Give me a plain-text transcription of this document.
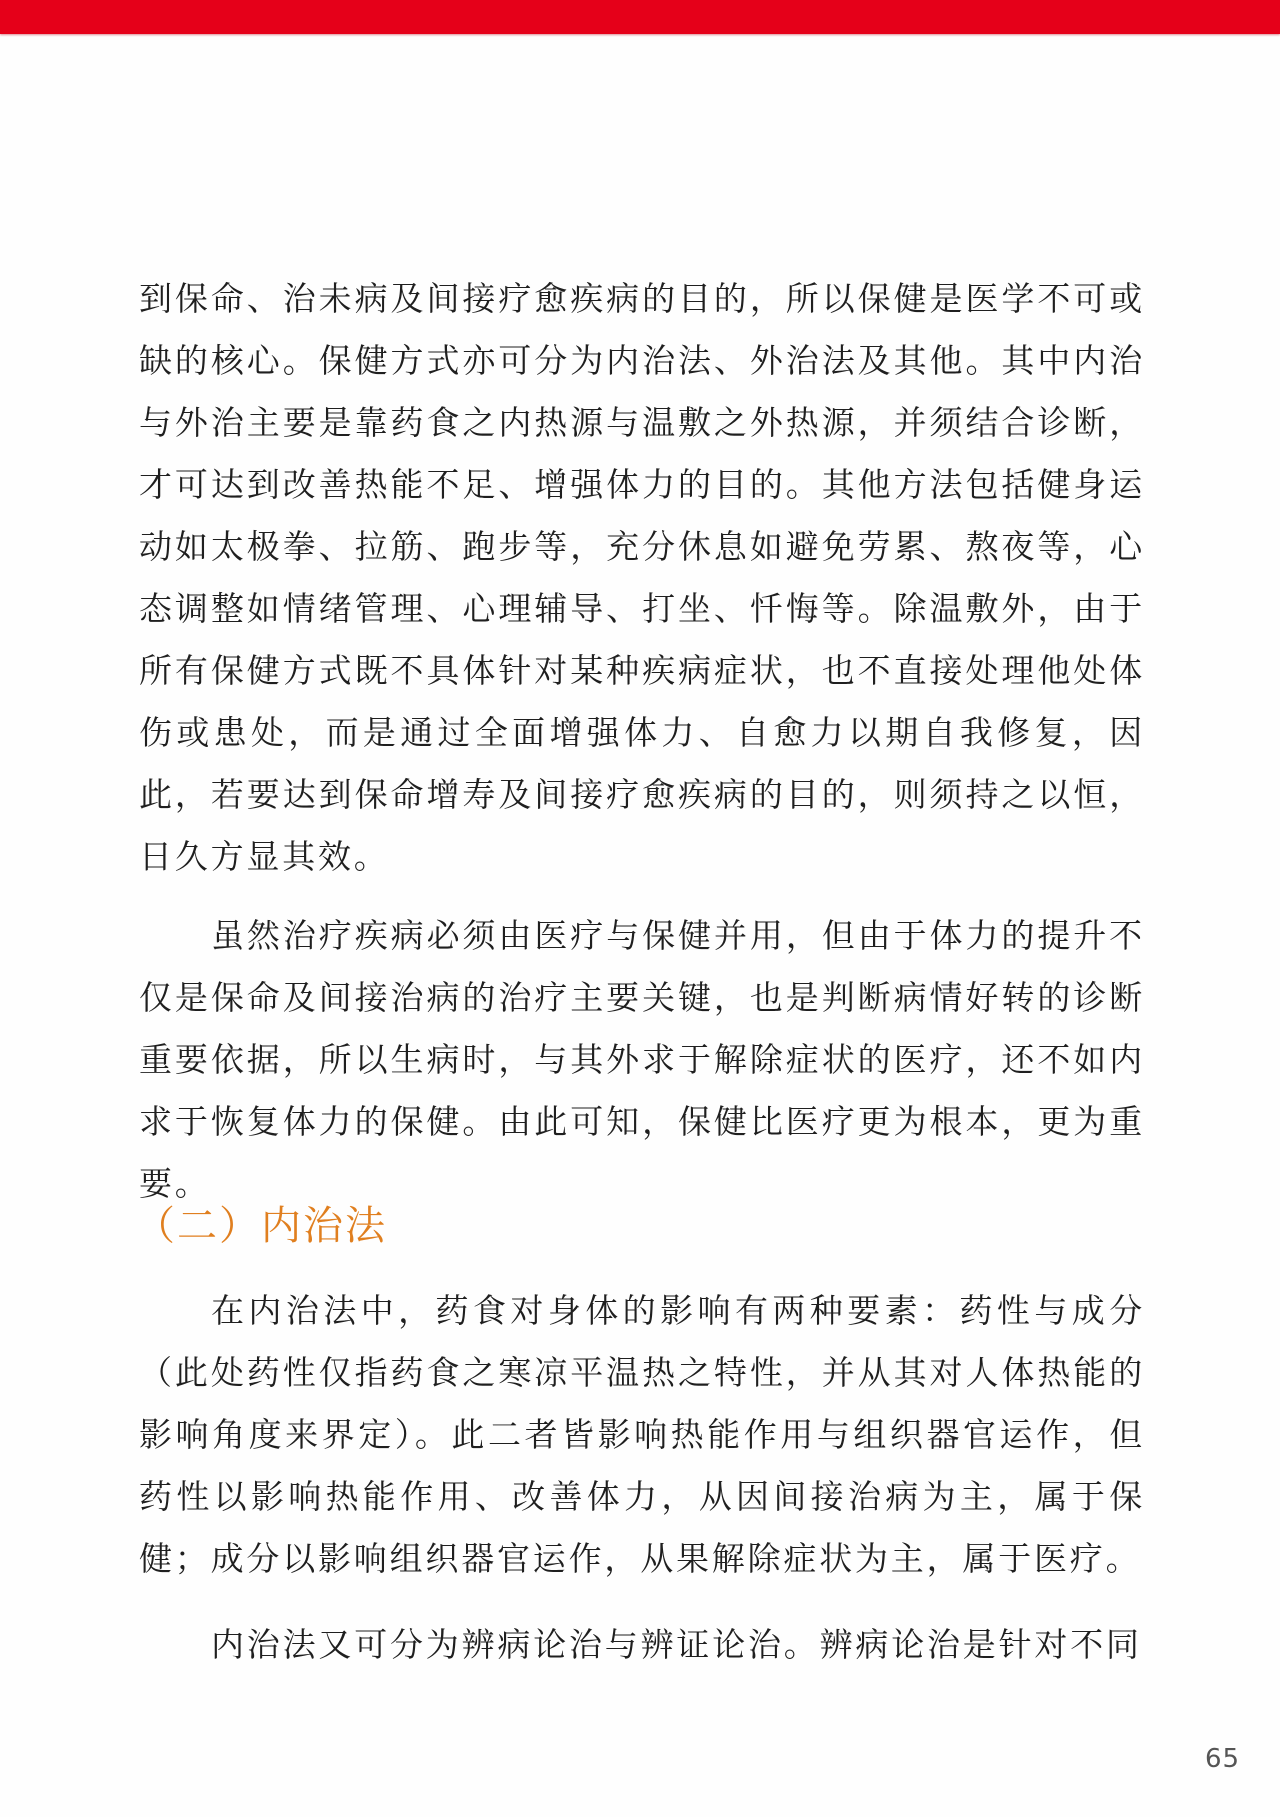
到保命、治未病及间接疗愈疾病的目的，所以保健是医学不可或缺的核心。保健方式亦可分为内治法、外治法及其他。其中内治与外治主要是靠药食之内热源与温敷之外热源，并须结合诊断，才可达到改善热能不足、增强体力的目的。其他方法包括健身运动如太极拳、拉筋、跑步等，充分休息如避免劳累、熬夜等，心态调整如情绪管理、心理辅导、打坐、忏悔等。除温敷外，由于所有保健方式既不具体针对某种疾病症状，也不直接处理他处体伤或患处，而是通过全面增强体力、自愈力以期自我修复，因此，若要达到保命增寿及间接疗愈疾病的目的，则须持之以恒，日久方显其效。

虽然治疗疾病必须由医疗与保健并用，但由于体力的提升不仅是保命及间接治病的治疗主要关键，也是判断病情好转的诊断重要依据，所以生病时，与其外求于解除症状的医疗，还不如内求于恢复体力的保健。由此可知，保健比医疗更为根本，更为重要。

（二）内治法

在内治法中，药食对身体的影响有两种要素：药性与成分（此处药性仅指药食之寒凉平温热之特性，并从其对人体热能的影响角度来界定）。此二者皆影响热能作用与组织器官运作，但药性以影响热能作用、改善体力，从因间接治病为主，属于保健；成分以影响组织器官运作，从果解除症状为主，属于医疗。

内治法又可分为辨病论治与辨证论治。辨病论治是针对不同

65
